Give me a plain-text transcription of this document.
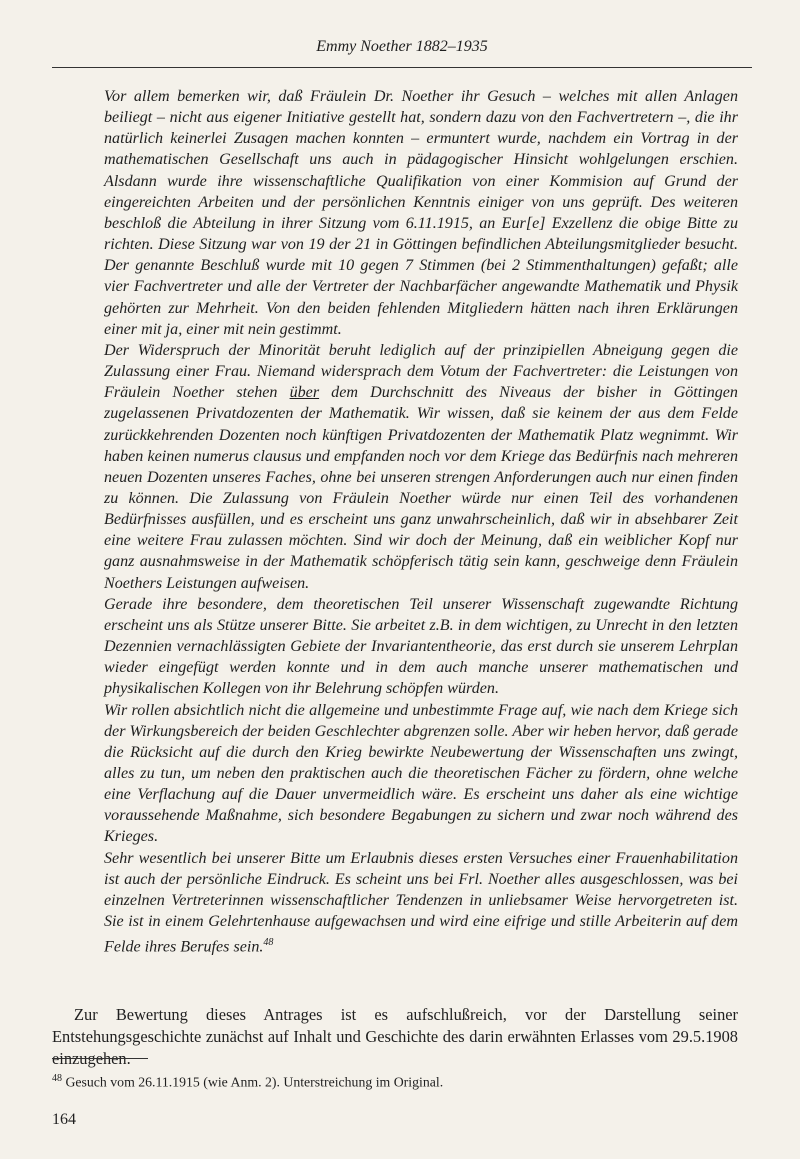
Emmy Noether 1882–1935

Vor allem bemerken wir, daß Fräulein Dr. Noether ihr Gesuch – welches mit allen Anlagen beiliegt – nicht aus eigener Initiative gestellt hat, sondern dazu von den Fachvertretern –, die ihr natürlich keinerlei Zusagen machen konnten – ermuntert wurde, nachdem ein Vortrag in der mathematischen Gesellschaft uns auch in pädagogischer Hinsicht wohlgelungen erschien. Alsdann wurde ihre wissenschaftliche Qualifikation von einer Kommision auf Grund der eingereichten Arbeiten und der persönlichen Kenntnis einiger von uns geprüft. Des weiteren beschloß die Abteilung in ihrer Sitzung vom 6.11.1915, an Eur[e] Exzellenz die obige Bitte zu richten. Diese Sitzung war von 19 der 21 in Göttingen befindlichen Abteilungsmitglieder besucht. Der genannte Beschluß wurde mit 10 gegen 7 Stimmen (bei 2 Stimmenthaltungen) gefaßt; alle vier Fachvertreter und alle der Vertreter der Nachbarfächer angewandte Mathematik und Physik gehörten zur Mehrheit. Von den beiden fehlenden Mitgliedern hätten nach ihren Erklärungen einer mit ja, einer mit nein gestimmt.

Der Widerspruch der Minorität beruht lediglich auf der prinzipiellen Abneigung gegen die Zulassung einer Frau. Niemand widersprach dem Votum der Fachvertreter: die Leistungen von Fräulein Noether stehen über dem Durchschnitt des Niveaus der bisher in Göttingen zugelassenen Privatdozenten der Mathematik. Wir wissen, daß sie keinem der aus dem Felde zurückkehrenden Dozenten noch künftigen Privatdozenten der Mathematik Platz wegnimmt. Wir haben keinen numerus clausus und empfanden noch vor dem Kriege das Bedürfnis nach mehreren neuen Dozenten unseres Faches, ohne bei unseren strengen Anforderungen auch nur einen finden zu können. Die Zulassung von Fräulein Noether würde nur einen Teil des vorhandenen Bedürfnisses ausfüllen, und es erscheint uns ganz unwahrscheinlich, daß wir in absehbarer Zeit eine weitere Frau zulassen möchten. Sind wir doch der Meinung, daß ein weiblicher Kopf nur ganz ausnahmsweise in der Mathematik schöpferisch tätig sein kann, geschweige denn Fräulein Noethers Leistungen aufweisen.

Gerade ihre besondere, dem theoretischen Teil unserer Wissenschaft zugewandte Richtung erscheint uns als Stütze unserer Bitte. Sie arbeitet z.B. in dem wichtigen, zu Unrecht in den letzten Dezennien vernachlässigten Gebiete der Invariantentheorie, das erst durch sie unserem Lehrplan wieder eingefügt werden konnte und in dem auch manche unserer mathematischen und physikalischen Kollegen von ihr Belehrung schöpfen würden.

Wir rollen absichtlich nicht die allgemeine und unbestimmte Frage auf, wie nach dem Kriege sich der Wirkungsbereich der beiden Geschlechter abgrenzen solle. Aber wir heben hervor, daß gerade die Rücksicht auf die durch den Krieg bewirkte Neubewertung der Wissenschaften uns zwingt, alles zu tun, um neben den praktischen auch die theoretischen Fächer zu fördern, ohne welche eine Verflachung auf die Dauer unvermeidlich wäre. Es erscheint uns daher als eine wichtige voraussehende Maßnahme, sich besondere Begabungen zu sichern und zwar noch während des Krieges.

Sehr wesentlich bei unserer Bitte um Erlaubnis dieses ersten Versuches einer Frauenhabilitation ist auch der persönliche Eindruck. Es scheint uns bei Frl. Noether alles ausgeschlossen, was bei einzelnen Vertreterinnen wissenschaftlicher Tendenzen in unliebsamer Weise hervorgetreten ist. Sie ist in einem Gelehrtenhause aufgewachsen und wird eine eifrige und stille Arbeiterin auf dem Felde ihres Berufes sein.$^{48}$

Zur Bewertung dieses Antrages ist es aufschlußreich, vor der Darstellung seiner Entstehungsgeschichte zunächst auf Inhalt und Geschichte des darin erwähnten Erlasses vom 29.5.1908 einzugehen.

$^{48}$ Gesuch vom 26.11.1915 (wie Anm. 2). Unterstreichung im Original.
164
